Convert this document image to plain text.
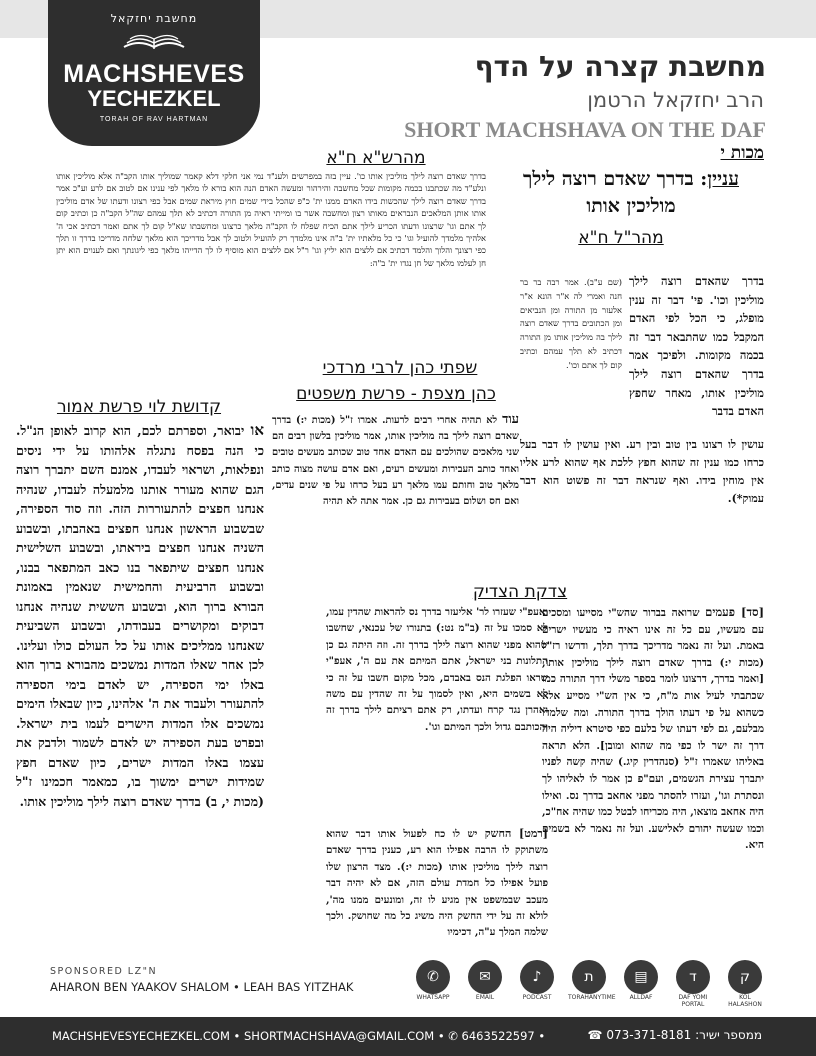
מחשבת יחזקאל
MACHSHEVES
YECHEZKEL
TORAH OF RAV HARTMAN
מחשבת קצרה על הדף
הרב יחזקאל הרטמן
SHORT MACHSHAVA ON THE DAF
מכות י
עניין: בדרך שאדם רוצה לילך מוליכין אותו
מהרש"א ח"א
בדרך שאדם רוצה לילך מוליכין אותו כו'. עיין בזה במפרשים ולענ"ד נמי אני חלקי דלא קאמר שמוליך אותו הקב"ה אלא מוליכין אותו ונלע"ד מה שכתבנו בכמה מקומות שכל מחשבה והירהור ומעשה האדם הנה הוא בורא לו מלאך לפי ענינו אם לטוב אם לרע וע"כ אמר בדרך שאדם רוצה לילך שהכשות בידו האדם ממנו ית' כ"פ שהכל בידי שמים חוץ מיראת שמים אבל כפי רצונו ודעתו של אדם מוליכין אותו אותן המלאכים הנבראים מאותו רצון ומחשבה אשר בו ומייתי ראיה מן התורה דכתיב לא תלך עמהם שה"ל הקב"ה כן וכתיב קום לך אתם וגו' שרצונו ודעתו הכריע לילך אתם הכיח שפלח לו הקב"ה מלאך כרצונו ומחשבתו שא"ל קום לך אתם ואמר דכתיב אכי ה' אלהיך מלמדך להועיל וגו' כי כל מלאתיו ית' ב"ה אינו מלמדך רק להועיל ולטוב לך אבל מדריכך הוא מלאך שלחה מדריכו בדרך זו תלך כפי רצונך והלוך והלמד דכתיב אם ללצים הוא יליץ וגו' ר"ל אם ללצים הוא מוסיף לו לך הדייהו מלאך כפי ליגונתך ואם לענוים הוא יתן חן לעלמו מלאך של חן נגדו ית' ב"ה:
מהר"ל ח"א
בדרך שהאדם רוצה לילך מוליכין וכו'. פי' דבר זה ענין מופלג, כי הכל לפי האדם המקבל כמו שהתבאר דבר זה בכמה מקומות. ולפיכך אמר בדרך שהאדם רוצה לילך מוליכין אותו, מאחר שחפץ האדם בדבר
(שם ע"ב). אמר רבה בר בר חנה ואמרי לה א"ר הונא א"ר אלעזר מן התורה ומן הנביאים ומן הכתובים בדרך שאדם רוצה לילך בה מוליכין אותו מן התורה דכתיב לא תלך עמהם וכתיב קום לך אתם וכו'.
עושין לו רצונו בין טוב ובין רע. ואין עושין לו דבר בעל כרחו כמו ענין זה שהוא חפץ ללכת אף שהוא לרע אליו אין מוחין בידו. ואף שנראה דבר זה פשוט הוא דבר עמוק*).
שפתי כהן לרבי מרדכי
כהן מצפת - פרשת משפטים
עוד לא תהיה אחרי רבים לרעות. אמרו ז"ל (מכות י:) בדרך שאדם רוצה לילך בה מוליכין אותו, אמר מוליכין בלשון רבים הם שני מלאכים שהולכים עם האדם אחד טוב שכותב מעשים טובים ואחד כותב העבירות ומעשים רעים, ואם אדם עושה מצוה כותב מלאך טוב וחותם עמו מלאך רע בעל כרחו על פי שנים עדים, ואם חס ושלום בעבירות גם כן. אמר אתה לא תהיה
קדושת לוי פרשת אמור
או יבואר, וספרתם לכם, הוא קרוב לאופן הנ"ל. כי הנה בפסח נתגלה אלהותו על ידי ניסים ונפלאות, ושראוי לעבדו, אמנם השם יתברך רוצה הגם שהוא מעורר אותנו מלמעלה לעבדו, שנהיה אנחנו חפצים להתעוררות הזה. וזה סוד הספירה, שבשבוע הראשון אנחנו חפצים באהבתו, ובשבוע השניה אנחנו חפצים ביראתו, ובשבוע השלישית אנחנו חפצים שיתפאר בנו כאב המתפאר בבנו, ובשבוע הרביעית והחמישית שנאמין באמונת הבורא ברוך הוא, ובשבוע הששית שנהיה אנחנו דבוקים ומקושרים בעבודתו, ובשבוע השביעית שאנחנו ממליכים אותו על כל העולם כולו ועלינו. לכן אחר שאלו המדות נמשכים מהבורא ברוך הוא באלו ימי הספירה, יש לאדם בימי הספירה להתעורר ולעבוד את ה' אלהינו, כיון שבאלו הימים נמשכים אלו המדות הישרים לעמו בית ישראל. ובפרט בעת הספירה יש לאדם לשמור ולדבק את עצמו באלו המדות ישרים, כיון שאדם חפץ שמידות ישרים ימשוך בו, כמאמר חכמינו ז"ל (מכות י, ב) בדרך שאדם רוצה לילך מוליכין אותו.
צדקת הצדיק
[סד] פעמים שרואה בברור שהש"י מסייעו ומסכים עם מעשיו, עם כל זה אינו ראיה כי מעשיו ישרים באמת. ועל זה נאמר מדריכך בדרך תלך, ודרשו רז"ל (מכות י:) בדרך שאדם רוצה לילך מוליכין אותו, [ואמר בדרך, דרצונו לומר בספר משלי דרך התורה כמו שכתבתי לעיל אות מ"ח, כי אין הש"י מסייע אלא כשהוא על פי דעתו הולך בדרך התורה. ומה שלמדו מבלעם, גם לפי דעתו של בלעם כפי סיטרא דיליה היה דרך זה ישר לו כפי מה שהוא ומובן]. הלא תראה באליהו שאמרו ז"ל (סנהדרין קיג.) שהיה קשה לפניו יתברך עצירת הגשמים, ועם"פ כן אמר לו לאליהו לך ונסתרת וגו', ועזרו להסתר מפני אחאב בדרך נס. ואילו היה אחאב מוצאו, היה מכריחו לבטל כמו שהיה אח"כ, וכמו שעשה יהורם לאלישע. ועל זה נאמר לא בשמים היא.
ואעפ"י שעזרו לר' אליעזר בדרך נס להראות שהדין עמו, לא סמכו על זה (ב"מ נט:) בתנורו של עכנאי, שחשבו שהוא מפני שהוא רוצה לילך בדרך זה. וזה היתה גם כן התלונות בני ישראל, אתם המיתם את עם ה', אעפ"י שראו הפלגת הנס באבדם, מכל מקום חשבו על זה כי לא בשמים היא, ואין לסמוך על זה שהדין עם משה ואהרן נגד קרח ועדתו, רק אתם רציתם לילך בדרך זה והכותבם גדול ולכך המיתם וגו'.
[רמט] החשק יש לו כח לפעול אותו דבר שהוא משתוקק לו הרבה אפילו הוא רע, כענין בדרך שאדם רוצה לילך מוליכין אותו (מכות י:). מצד הרצון שלו פועל אפילו כל חמדת עולם הזה, אם לא יהיה דבר מעכב שבמשפט אין מגיע לו זה, ומונעים ממנו מה', לולא זה על ידי החשק היה משיג כל מה שחושק. ולכך שלמה המלך ע"ה, דכימיו
SPONSORED LZ"N
AHARON BEN YAAKOV SHALOM • LEAH BAS YITZHAK
✆
WHATSAPP
✉
EMAIL
♪
PODCAST
ת
TORAHANYTIME
▤
ALLDAF
ד
DAF YOMI PORTAL
ק
KOL HALASHON
MACHSHEVESYECHEZKEL.COM • SHORTMACHSHAVA@GMAIL.COM • ✆ 6463522597 •	ממספר ישיר: 073-371-8181 ☎
